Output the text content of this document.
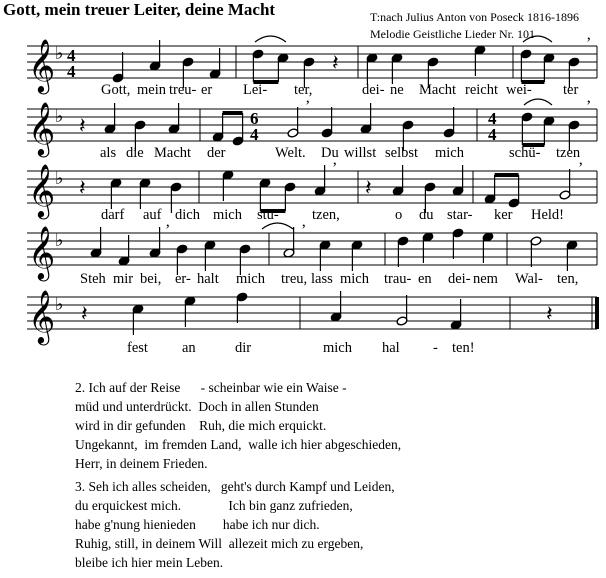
Gott, mein treuer Leiter, deine Macht	T:nach Julius Anton von Poseck 1816-1896
Melodie Geistliche Lieder Nr. 101
𝄞 ♭
𝄞 ♭
𝄞 ♭
𝄞 ♭
𝄞 ♭
4
4	𝄽
’
𝄽	6
4
’
4
4
’
𝄽
’
𝄽
’
’	’
𝄽	𝄽
Gott, mein treu- er Lei- ter,	dei- ne Macht reicht wei- ter
als die Macht der	Welt. Du willst selbst mich	schü- tzen
darf auf dich mich stü- tzen,	o du star- ker Held!
Steh mir bei, er- halt mich treu, lass mich trau- en dei- nem Wal- ten,
fest an	dir	mich hal - ten!
2. Ich auf der Reise      - scheinbar wie ein Waise -
müd und unterdrückt.  Doch in allen Stunden
wird in dir gefunden    Ruh, die mich erquickt.
Ungekannt,  im fremden Land,  walle ich hier abgeschieden,
Herr, in deinem Frieden.
3. Seh ich alles scheiden,   geht's durch Kampf und Leiden,
du erquickest mich.              Ich bin ganz zufrieden,
habe g'nung hienieden        habe ich nur dich.
Ruhig, still, in deinem Will  allezeit mich zu ergeben,
bleibe ich hier mein Leben.
